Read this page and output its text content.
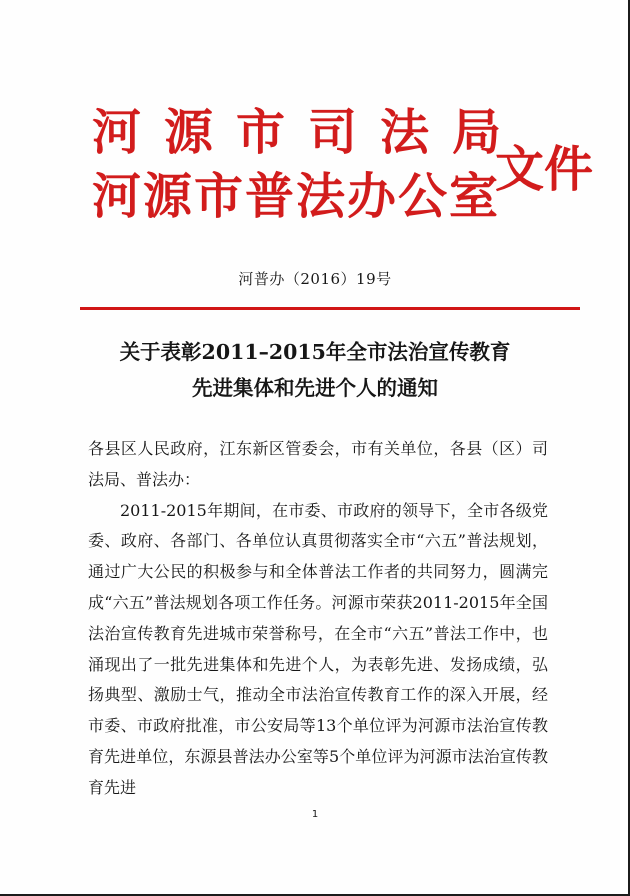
河源市司法局
河源市普法办公室
文件
河普办（2016）19号
关于表彰2011–2015年全市法治宣传教育
先进集体和先进个人的通知

各县区人民政府，江东新区管委会，市有关单位，各县（区）司法局、普法办：

2011-2015年期间，在市委、市政府的领导下，全市各级党委、政府、各部门、各单位认真贯彻落实全市“六五”普法规划，通过广大公民的积极参与和全体普法工作者的共同努力，圆满完成“六五”普法规划各项工作任务。河源市荣获2011-2015年全国法治宣传教育先进城市荣誉称号，在全市“六五”普法工作中，也涌现出了一批先进集体和先进个人，为表彰先进、发扬成绩，弘扬典型、激励士气，推动全市法治宣传教育工作的深入开展，经市委、市政府批准，市公安局等13个单位评为河源市法治宣传教育先进单位，东源县普法办公室等5个单位评为河源市法治宣传教育先进

1
